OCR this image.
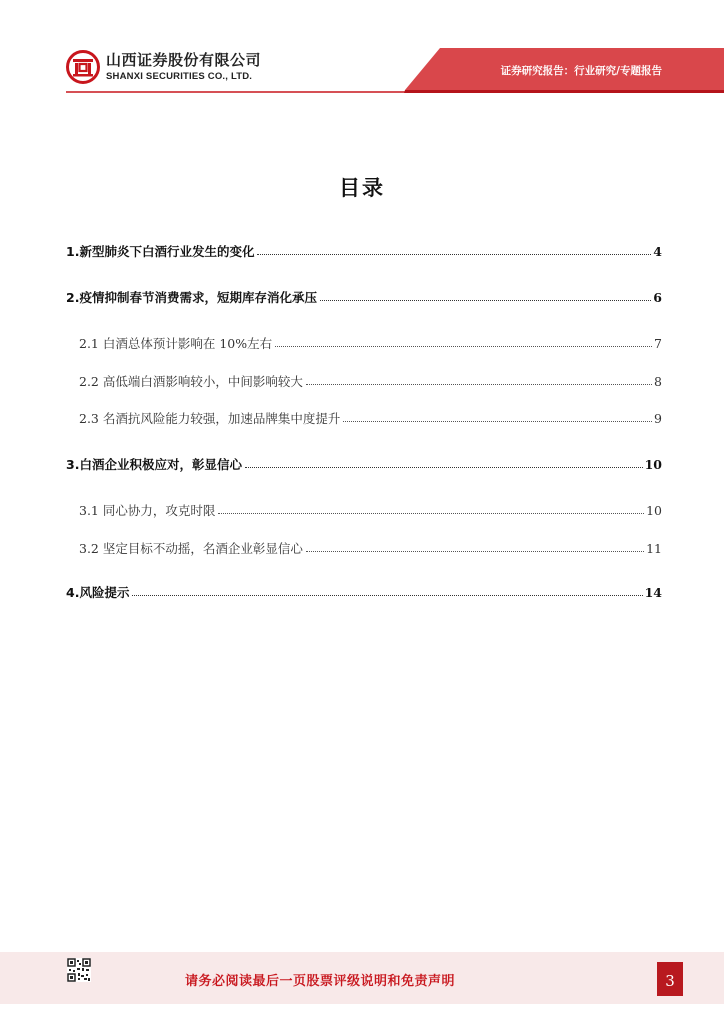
山西证券股份有限公司
SHANXI SECURITIES CO., LTD.	证券研究报告：行业研究/专题报告
目录
1.新型肺炎下白酒行业发生的变化	4
2.疫情抑制春节消费需求，短期库存消化承压	6
2.1 白酒总体预计影响在 10%左右	7
2.2 高低端白酒影响较小，中间影响较大	8
2.3 名酒抗风险能力较强，加速品牌集中度提升	9
3.白酒企业积极应对，彰显信心	10
3.1 同心协力，攻克时限	10
3.2 坚定目标不动摇，名酒企业彰显信心	11
4.风险提示	14
请务必阅读最后一页股票评级说明和免责声明	3
